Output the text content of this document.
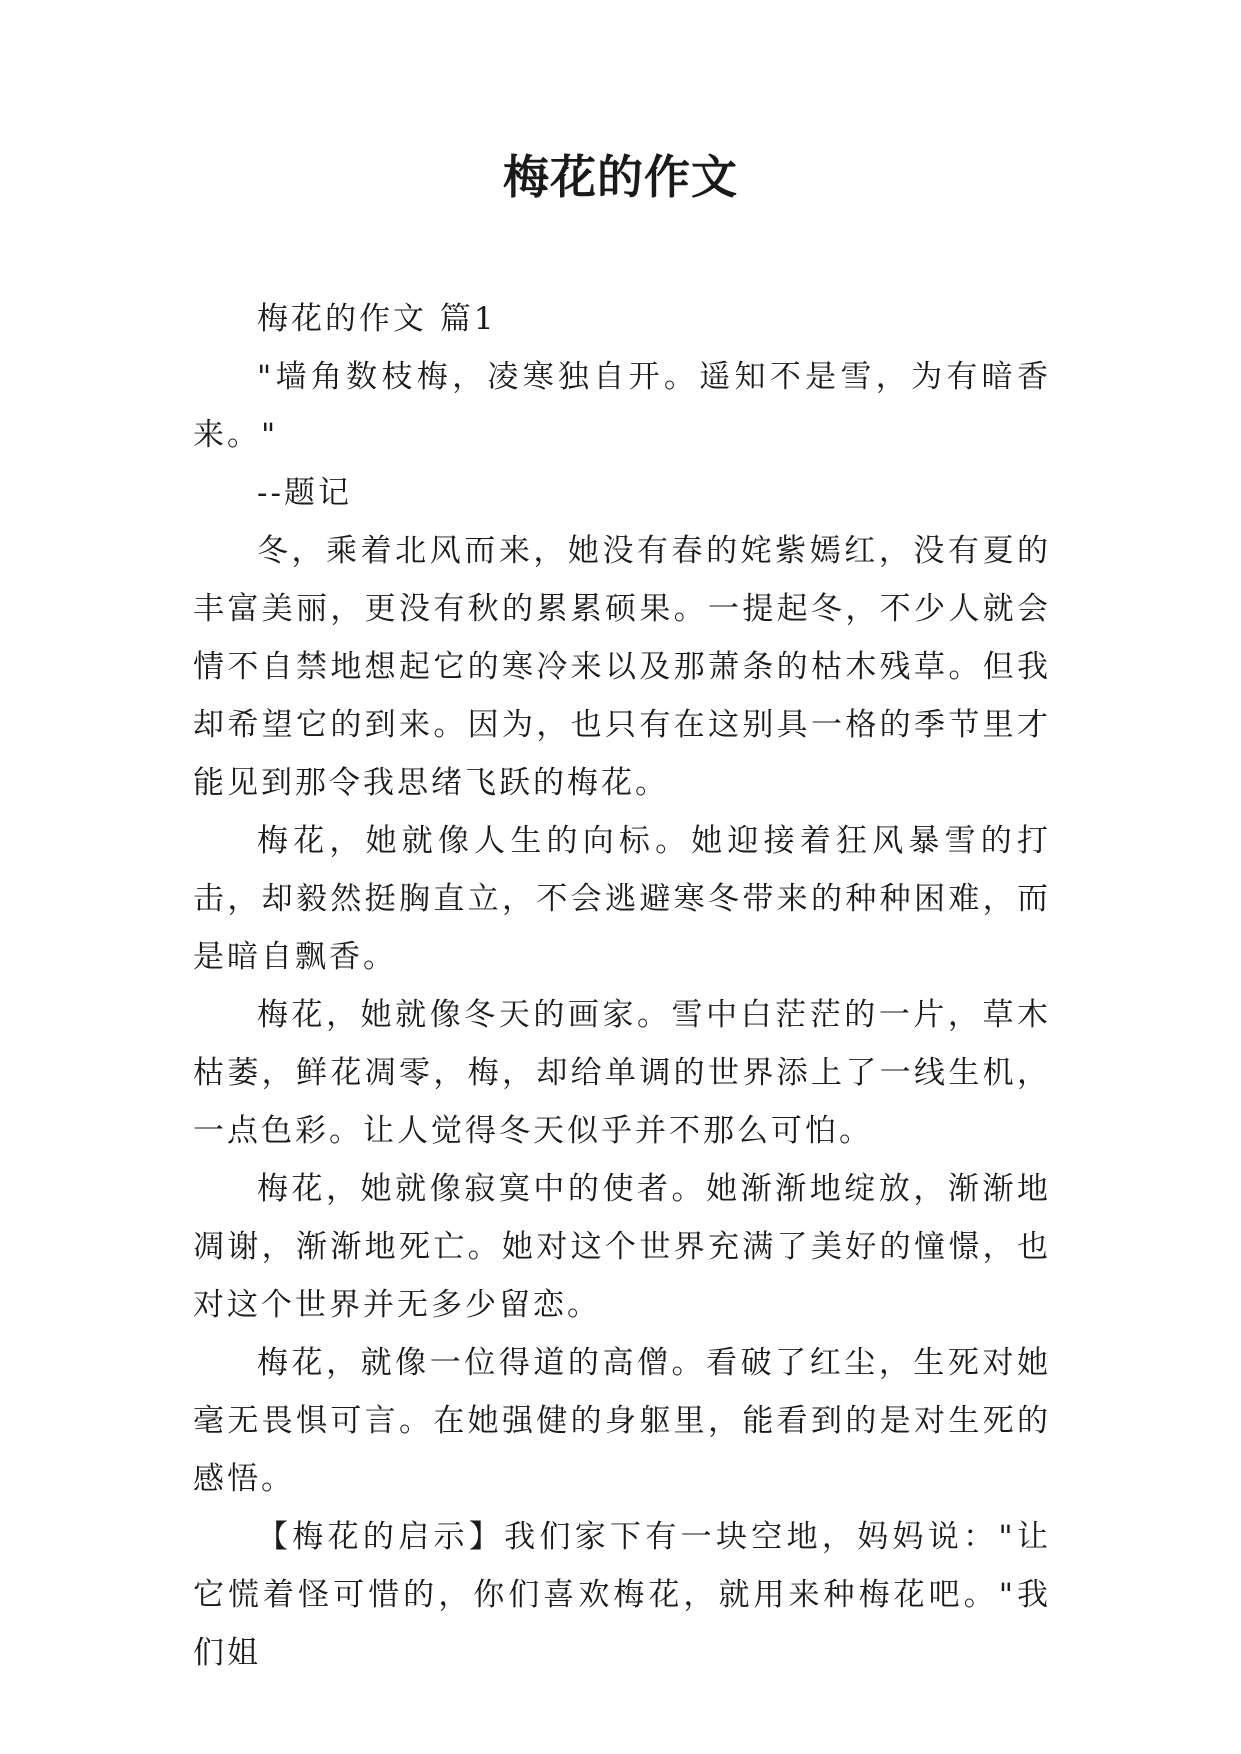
梅花的作文

梅花的作文 篇1

"墙角数枝梅，凌寒独自开。遥知不是雪，为有暗香来。"

--题记

冬，乘着北风而来，她没有春的姹紫嫣红，没有夏的丰富美丽，更没有秋的累累硕果。一提起冬，不少人就会情不自禁地想起它的寒冷来以及那萧条的枯木残草。但我却希望它的到来。因为，也只有在这别具一格的季节里才能见到那令我思绪飞跃的梅花。

梅花，她就像人生的向标。她迎接着狂风暴雪的打击，却毅然挺胸直立，不会逃避寒冬带来的种种困难，而是暗自飘香。

梅花，她就像冬天的画家。雪中白茫茫的一片，草木枯萎，鲜花凋零，梅，却给单调的世界添上了一线生机，一点色彩。让人觉得冬天似乎并不那么可怕。

梅花，她就像寂寞中的使者。她渐渐地绽放，渐渐地凋谢，渐渐地死亡。她对这个世界充满了美好的憧憬，也对这个世界并无多少留恋。

梅花，就像一位得道的高僧。看破了红尘，生死对她毫无畏惧可言。在她强健的身躯里，能看到的是对生死的感悟。

【梅花的启示】我们家下有一块空地，妈妈说："让它慌着怪可惜的，你们喜欢梅花，就用来种梅花吧。"我们姐
